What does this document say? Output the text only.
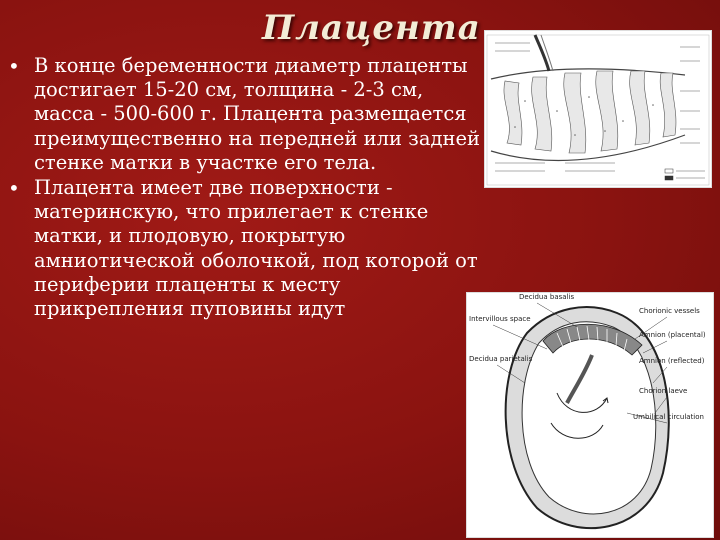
Плацента
• В конце беременности диаметр плаценты достигает 15-20 см, толщина - 2-3 см, масса - 500-600 г. Плацента размещается преимущественно на передней или задней стенке матки в участке его тела.
• Плацента имеет две поверхности - материнскую, что прилегает к стенке матки, и плодовую, покрытую амниотической оболочкой, под которой от периферии плаценты к месту прикрепления пуповины идут
Decidua basalis
Intervillous space
Decidua parietalis
Chorionic vessels
Amnion (placental)
Amnion (reflected)
Chorion laeve
Umbilical circulation
